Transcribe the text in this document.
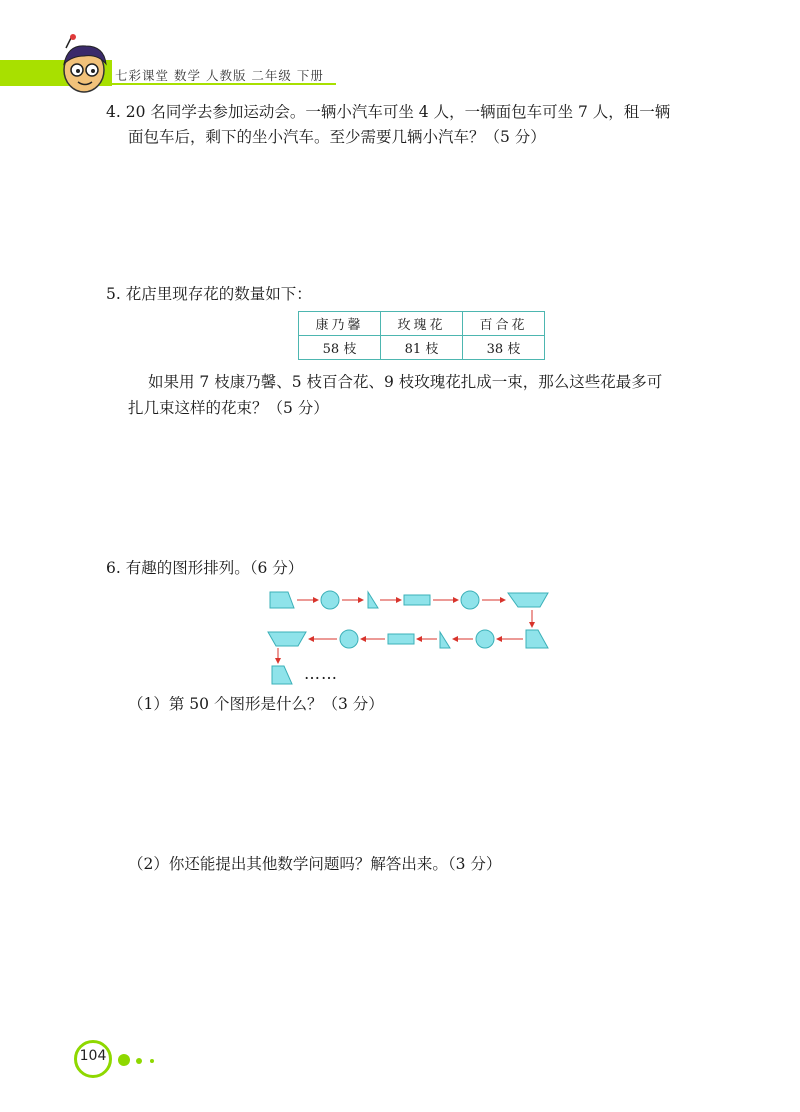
七彩课堂 数学 人教版 二年级 下册
4. 20 名同学去参加运动会。一辆小汽车可坐 4 人，一辆面包车可坐 7 人，租一辆
面包车后，剩下的坐小汽车。至少需要几辆小汽车？（5 分）
5. 花店里现存花的数量如下：
康乃馨	玫瑰花	百合花
58 枝	81 枝	38 枝
如果用 7 枝康乃馨、5 枝百合花、9 枝玫瑰花扎成一束，那么这些花最多可
扎几束这样的花束？（5 分）
6. 有趣的图形排列。（6 分）
……
（1）第 50 个图形是什么？（3 分）
（2）你还能提出其他数学问题吗？解答出来。（3 分）
104
